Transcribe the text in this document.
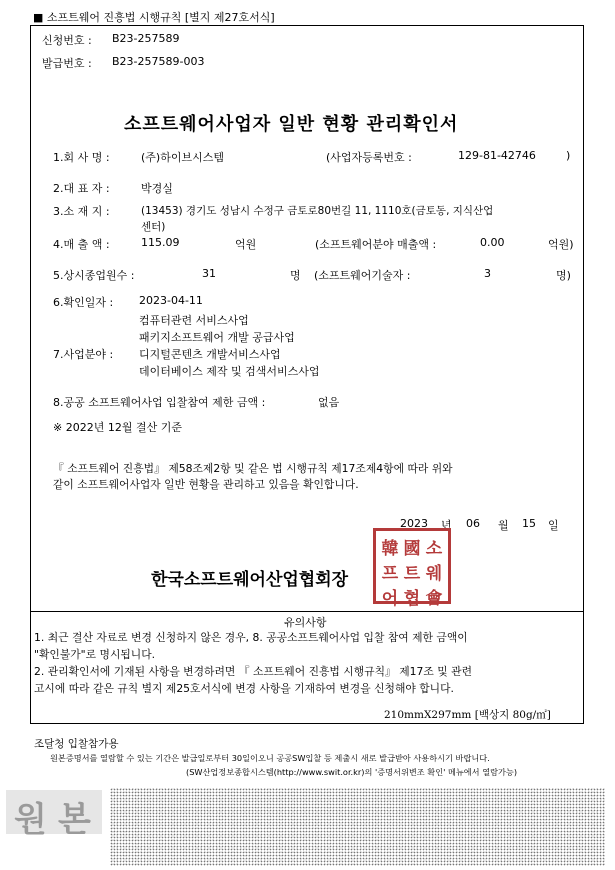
■ 소프트웨어 진흥법 시행규칙 [별지 제27호서식]
신청번호 : B23-257589
발급번호 : B23-257589-003
소프트웨어사업자 일반 현황 관리확인서
1.회 사 명 :	(주)하이브시스템	(사업자등록번호 :	129-81-42746	)
2.대 표 자 :	박경실
3.소 재 지 :	(13453) 경기도 성남시 수정구 금토로80번길 11, 1110호(금토동, 지식산업
센터)
4.매 출 액 :	115.09	억원	(소프트웨어분야 매출액 :	0.00	억원)
5.상시종업원수 :	31	명 (소프트웨어기술자 :	3	명)
6.확인일자 : 2023-04-11
컴퓨터관련 서비스사업
패키지소프트웨어 개발 공급사업
7.사업분야 : 디지털콘텐츠 개발서비스사업
데이터베이스 제작 및 검색서비스사업
8.공공 소프트웨어사업 입찰참여 제한 금액 :	없음
※ 2022년 12월 결산 기준
『 소프트웨어 진흥법』 제58조제2항 및 같은 법 시행규칙 제17조제4항에 따라 위와
같이 소프트웨어사업자 일반 현황을 관리하고 있음을 확인합니다.
2023 년 06 월 15 일
한국소프트웨어산업협회장
韓 國 소
프 트 웨
어 협 會
유의사항
1. 최근 결산 자료로 변경 신청하지 않은 경우, 8. 공공소프트웨어사업 입찰 참여 제한 금액이
"확인불가"로 명시됩니다.
2. 관리확인서에 기재된 사항을 변경하려면 『 소프트웨어 진흥법 시행규칙』 제17조 및 관련
고시에 따라 같은 규칙 별지 제25호서식에 변경 사항을 기재하여 변경을 신청해야 합니다.
210mmX297mm [백상지 80g/㎡]
조달청 입찰참가용
원본증명서를 열람할 수 있는 기간은 발급일로부터 30일이오니 공공SW입찰 등 제출시 새로 발급받아 사용하시기 바랍니다.
(SW산업정보종합시스템(http://www.swit.or.kr)의 '증명서위변조 확인' 메뉴에서 열람가능)
원 본
